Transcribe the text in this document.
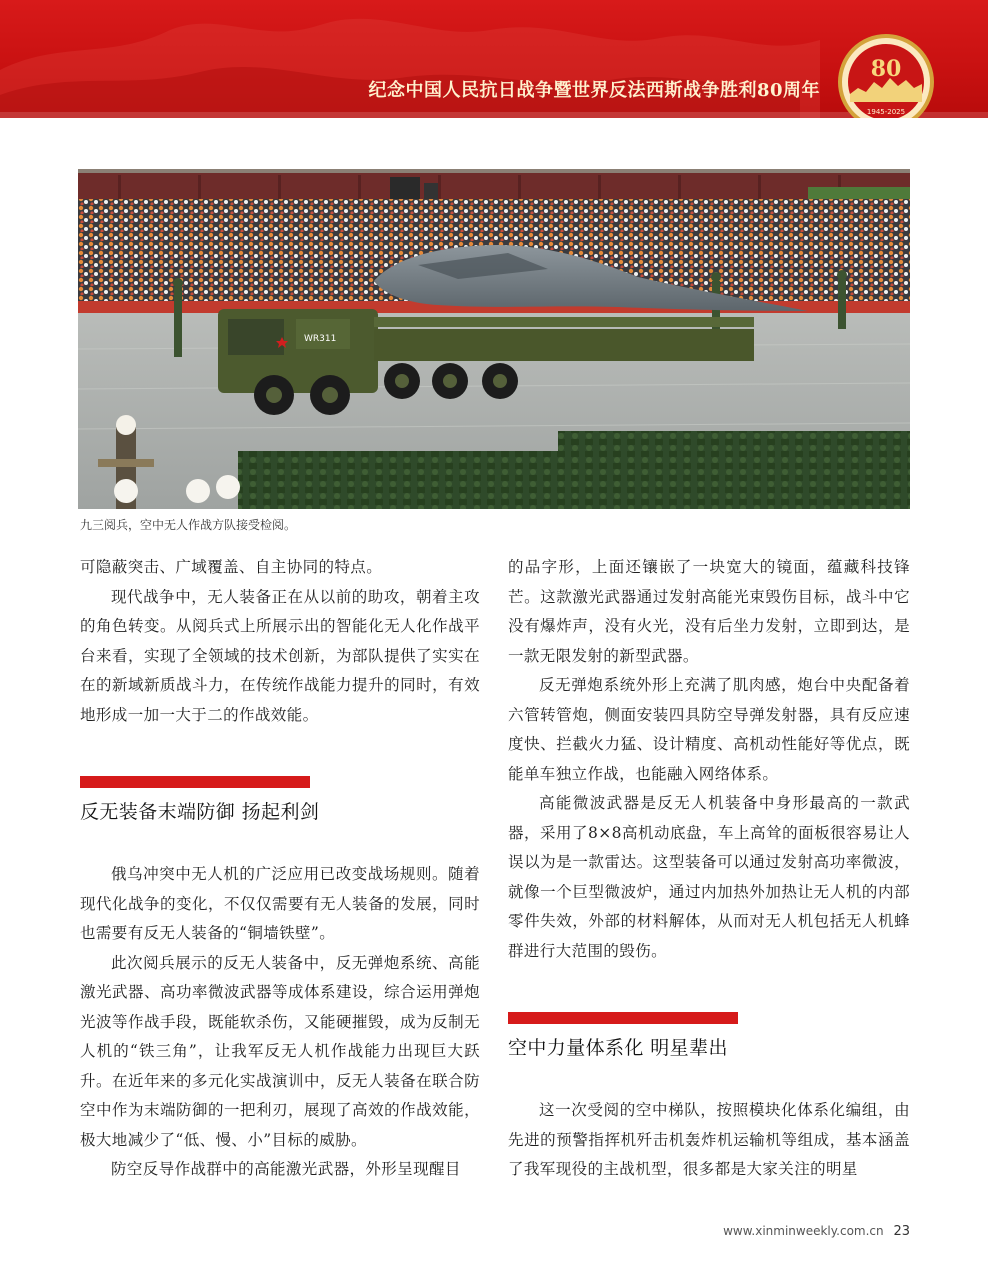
纪念中国人民抗日战争暨世界反法西斯战争胜利80周年
80
1945-2025
WR311
九三阅兵，空中无人作战方队接受检阅。

可隐蔽突击、广域覆盖、自主协同的特点。

现代战争中，无人装备正在从以前的助攻，朝着主攻的角色转变。从阅兵式上所展示出的智能化无人化作战平台来看，实现了全领域的技术创新，为部队提供了实实在在的新域新质战斗力，在传统作战能力提升的同时，有效地形成一加一大于二的作战效能。

反无装备末端防御 扬起利剑

俄乌冲突中无人机的广泛应用已改变战场规则。随着现代化战争的变化，不仅仅需要有无人装备的发展，同时也需要有反无人装备的“铜墙铁壁”。

此次阅兵展示的反无人装备中，反无弹炮系统、高能激光武器、高功率微波武器等成体系建设，综合运用弹炮光波等作战手段，既能软杀伤，又能硬摧毁，成为反制无人机的“铁三角”，让我军反无人机作战能力出现巨大跃升。在近年来的多元化实战演训中，反无人装备在联合防空中作为末端防御的一把利刃，展现了高效的作战效能，极大地减少了“低、慢、小”目标的威胁。

防空反导作战群中的高能激光武器，外形呈现醒目

的品字形，上面还镶嵌了一块宽大的镜面，蕴藏科技锋芒。这款激光武器通过发射高能光束毁伤目标，战斗中它没有爆炸声，没有火光，没有后坐力发射，立即到达，是一款无限发射的新型武器。

反无弹炮系统外形上充满了肌肉感，炮台中央配备着六管转管炮，侧面安装四具防空导弹发射器，具有反应速度快、拦截火力猛、设计精度、高机动性能好等优点，既能单车独立作战，也能融入网络体系。

高能微波武器是反无人机装备中身形最高的一款武器，采用了8×8高机动底盘，车上高耸的面板很容易让人误以为是一款雷达。这型装备可以通过发射高功率微波，就像一个巨型微波炉，通过内加热外加热让无人机的内部零件失效，外部的材料解体，从而对无人机包括无人机蜂群进行大范围的毁伤。

空中力量体系化 明星辈出

这一次受阅的空中梯队，按照模块化体系化编组，由先进的预警指挥机歼击机轰炸机运输机等组成，基本涵盖了我军现役的主战机型，很多都是大家关注的明星

www.xinminweekly.com.cn 23
